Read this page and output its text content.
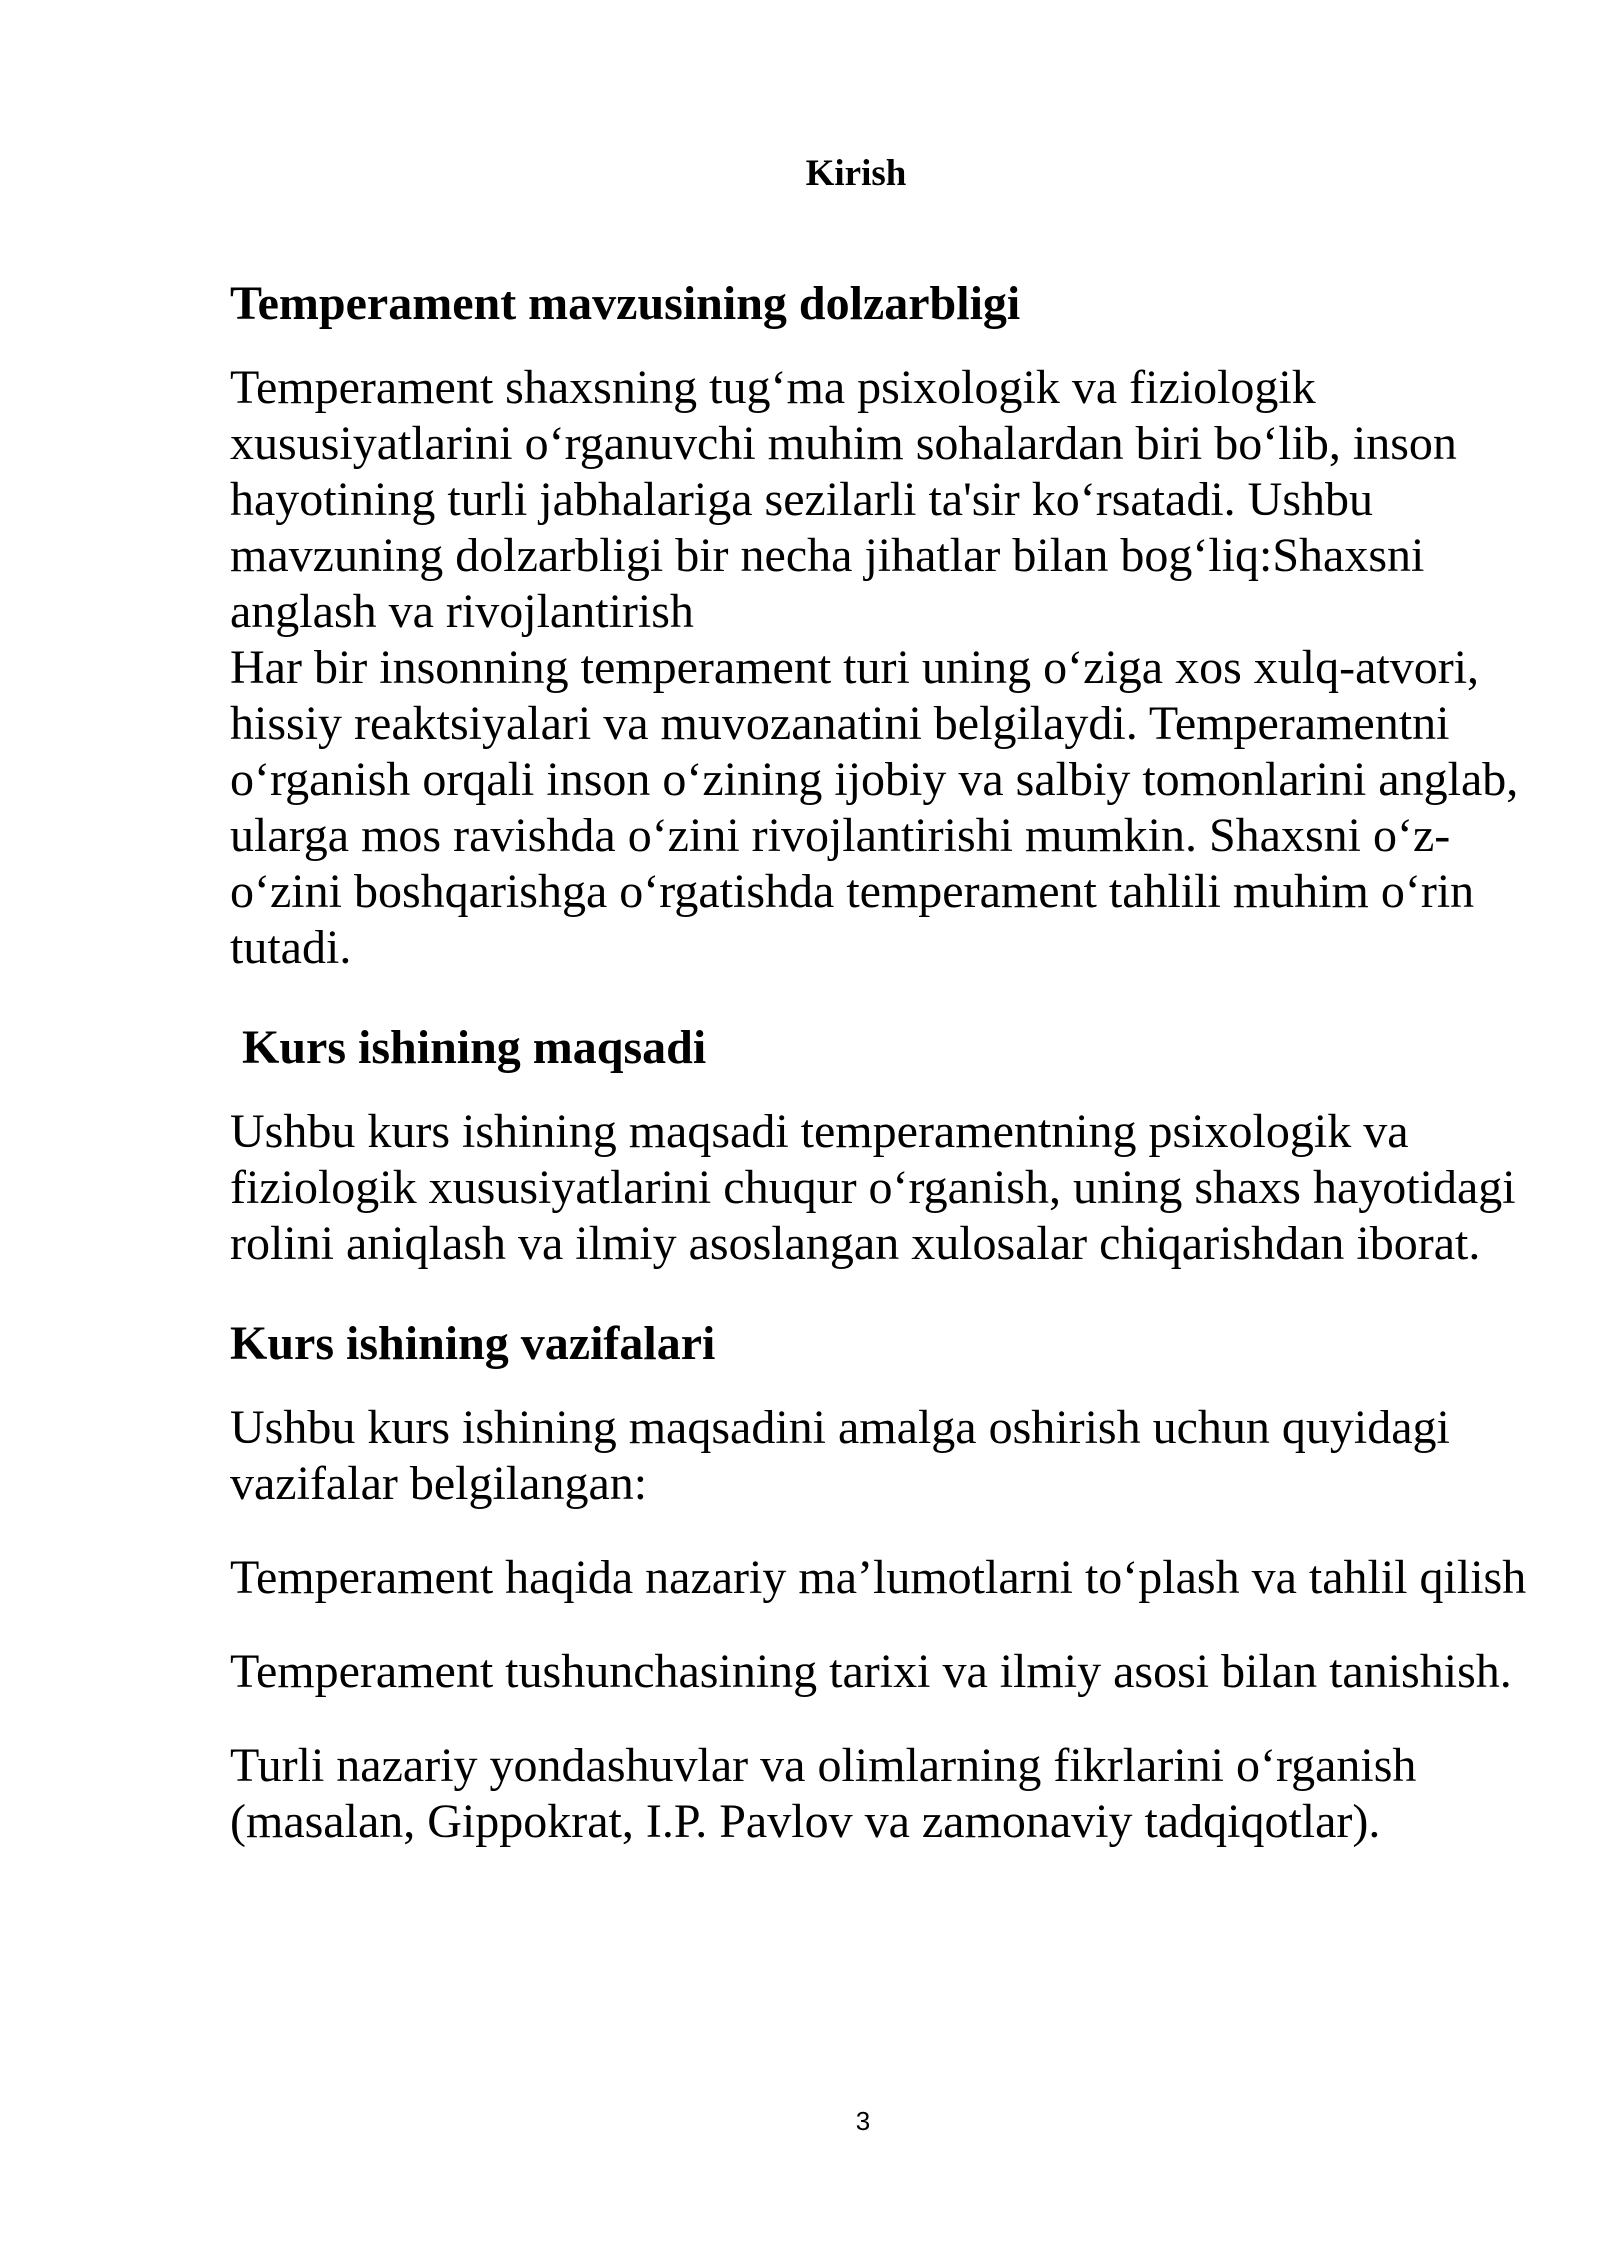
Kirish
Temperament mavzusining dolzarbligi

Temperament shaxsning tug‘ma psixologik va fiziologik xususiyatlarini o‘rganuvchi muhim sohalardan biri bo‘lib, inson hayotining turli jabhalariga sezilarli ta'sir ko‘rsatadi. Ushbu mavzuning dolzarbligi bir necha jihatlar bilan bog‘liq:Shaxsni anglash va rivojlantirish

Har bir insonning temperament turi uning o‘ziga xos xulq-atvori, hissiy reaktsiyalari va muvozanatini belgilaydi. Temperamentni o‘rganish orqali inson o‘zining ijobiy va salbiy tomonlarini anglab, ularga mos ravishda o‘zini rivojlantirishi mumkin. Shaxsni o‘z-o‘zini boshqarishga o‘rgatishda temperament tahlili muhim o‘rin tutadi.

Kurs ishining maqsadi

Ushbu kurs ishining maqsadi temperamentning psixologik va fiziologik xususiyatlarini chuqur o‘rganish, uning shaxs hayotidagi rolini aniqlash va ilmiy asoslangan xulosalar chiqarishdan iborat.

Kurs ishining vazifalari

Ushbu kurs ishining maqsadini amalga oshirish uchun quyidagi vazifalar belgilangan:

Temperament haqida nazariy ma’lumotlarni to‘plash va tahlil qilish

Temperament tushunchasining tarixi va ilmiy asosi bilan tanishish.

Turli nazariy yondashuvlar va olimlarning fikrlarini o‘rganish (masalan, Gippokrat, I.P. Pavlov va zamonaviy tadqiqotlar).

3
